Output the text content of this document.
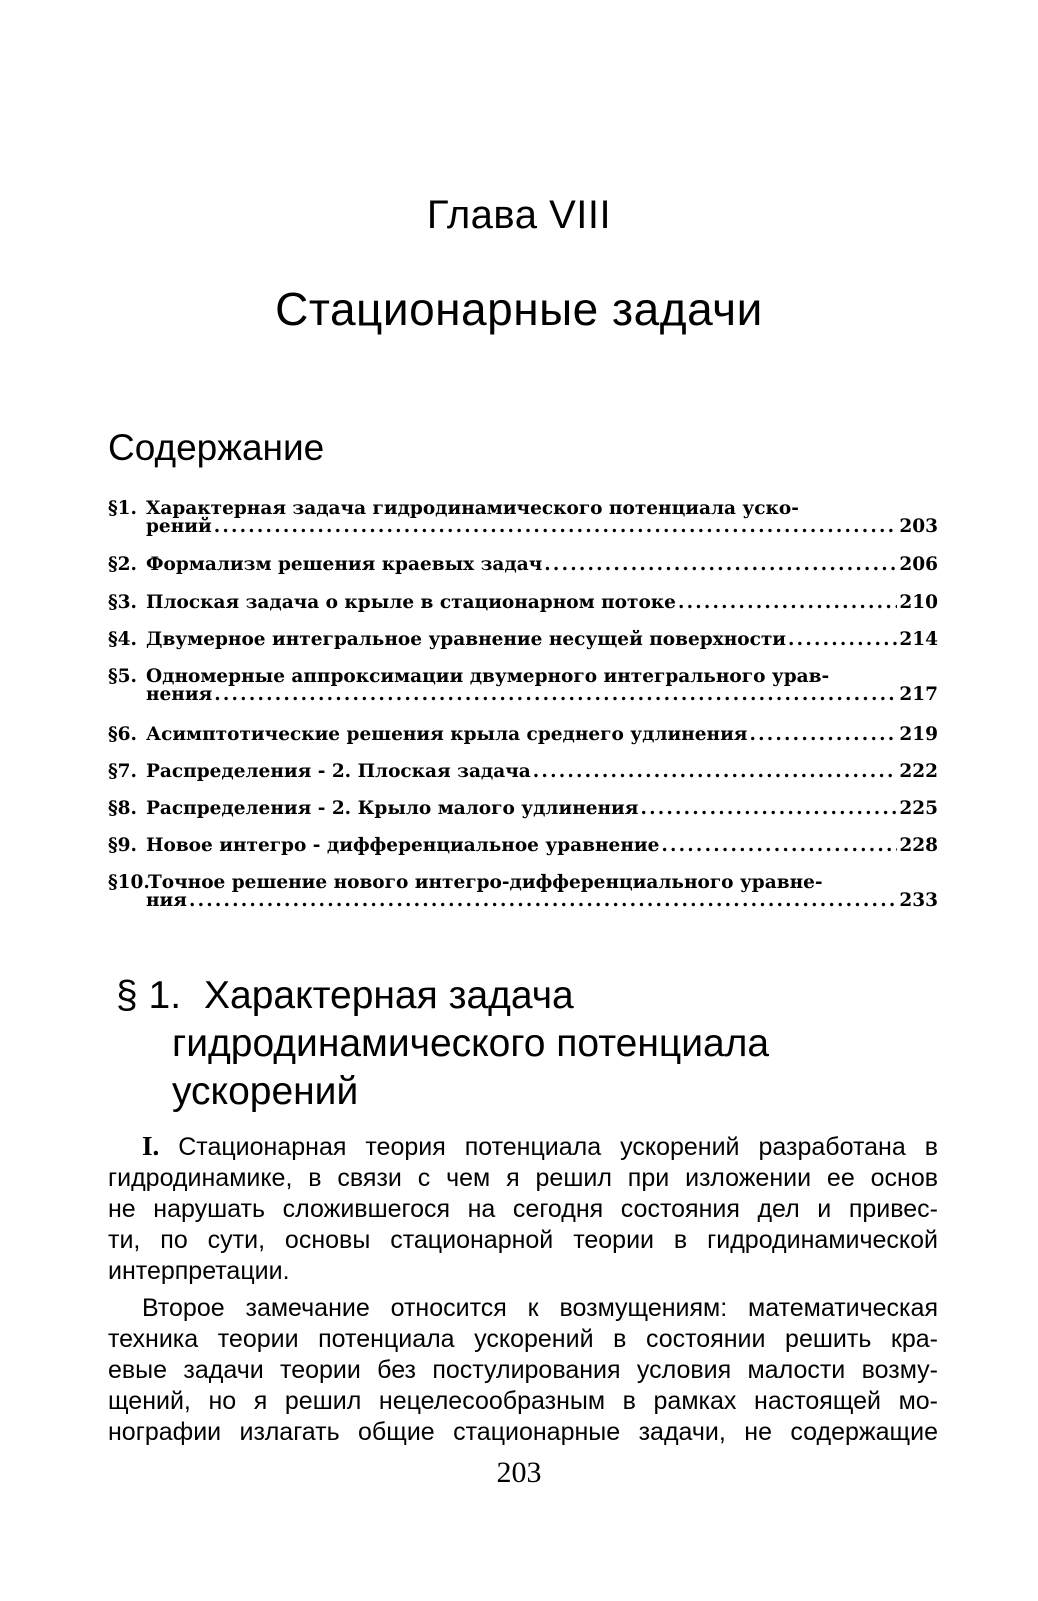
Глава VIII
Стационарные задачи
Содержание
§1. Характерная задача гидродинамического потенциала уско-
рений .....	203
§2. Формализм решения краевых задач .....	206
§3. Плоская задача о крыле в стационарном потоке .....	210
§4. Двумерное интегральное уравнение несущей поверхности .....	214
§5. Одномерные аппроксимации двумерного интегрального урав-
нения .....	217
§6. Асимптотические решения крыла среднего удлинения .....	219
§7. Распределения - 2. Плоская задача .....	222
§8. Распределения - 2. Крыло малого удлинения .....	225
§9. Новое интегро - дифференциальное уравнение .....	228
§10.
Точное решение нового интегро-дифференциального уравне-
ния .....	233
§ 1. Характерная задача
гидродинамического потенциала
ускорений

I. Стационарная теория потенциала ускорений разработана в
гидродинамике, в связи с чем я решил при изложении ее основ
не нарушать сложившегося на сегодня состояния дел и привес-
ти, по сути, основы стационарной теории в гидродинамической
интерпретации.

Второе замечание относится к возмущениям: математическая
техника теории потенциала ускорений в состоянии решить кра-
евые задачи теории без постулирования условия малости возму-
щений, но я решил нецелесообразным в рамках настоящей мо-
нографии излагать общие стационарные задачи, не содержащие

203
